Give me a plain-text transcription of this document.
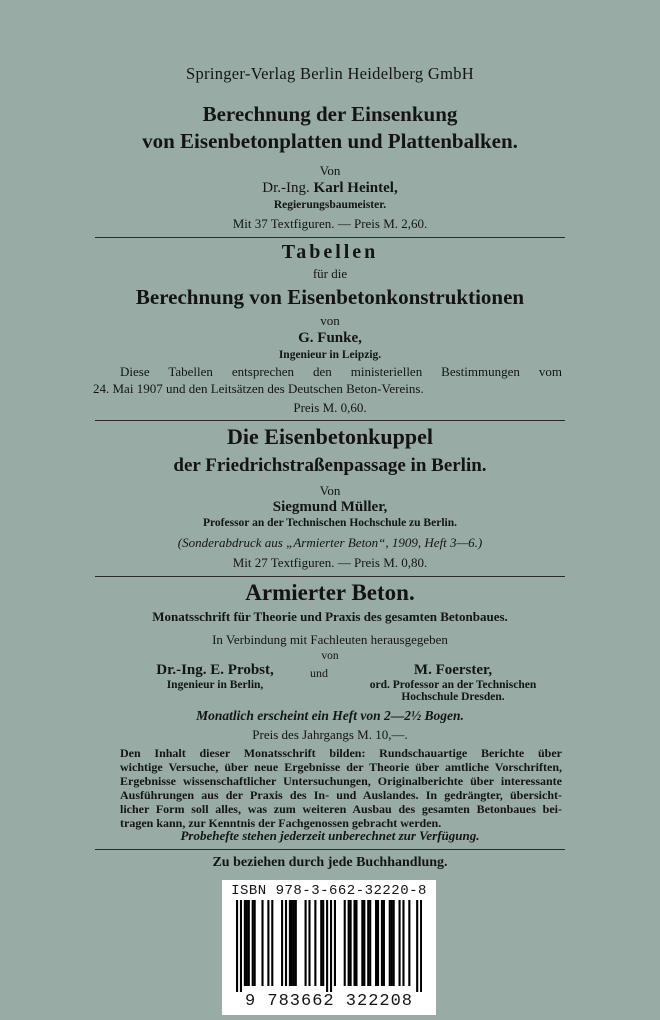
Springer-Verlag Berlin Heidelberg GmbH
Berechnung der Einsenkung
von Eisenbetonplatten und Plattenbalken.
Von
Dr.-Ing. Karl Heintel,
Regierungsbaumeister.
Mit 37 Textfiguren. — Preis M. 2,60.
Tabellen
für die
Berechnung von Eisenbetonkonstruktionen
von
G. Funke,
Ingenieur in Leipzig.
Diese Tabellen entsprechen den ministeriellen Bestimmungen vom
24. Mai 1907 und den Leitsätzen des Deutschen Beton-Vereins.
Preis M. 0,60.
Die Eisenbetonkuppel
der Friedrichstraßenpassage in Berlin.
Von
Siegmund Müller,
Professor an der Technischen Hochschule zu Berlin.
(Sonderabdruck aus „Armierter Beton“, 1909, Heft 3—6.)
Mit 27 Textfiguren. — Preis M. 0,80.
Armierter Beton.
Monatsschrift für Theorie und Praxis des gesamten Betonbaues.
In Verbindung mit Fachleuten herausgegeben
von
Dr.-Ing. E. Probst,
Ingenieur in Berlin,
und	M. Foerster,
ord. Professor an der Technischen
Hochschule Dresden.
Monatlich erscheint ein Heft von 2—2½ Bogen.
Preis des Jahrgangs M. 10,—.
Den Inhalt dieser Monatsschrift bilden: Rundschauartige Berichte über
wichtige Versuche, über neue Ergebnisse der Theorie über amtliche Vorschriften,
Ergebnisse wissenschaftlicher Untersuchungen, Originalberichte über interessante
Ausführungen aus der Praxis des In- und Auslandes. In gedrängter, übersicht-
licher Form soll alles, was zum weiteren Ausbau des gesamten Betonbaues bei-
tragen kann, zur Kenntnis der Fachgenossen gebracht werden.
Probehefte stehen jederzeit unberechnet zur Verfügung.
Zu beziehen durch jede Buchhandlung.
ISBN 978-3-662-32220-8
9 783662 322208
